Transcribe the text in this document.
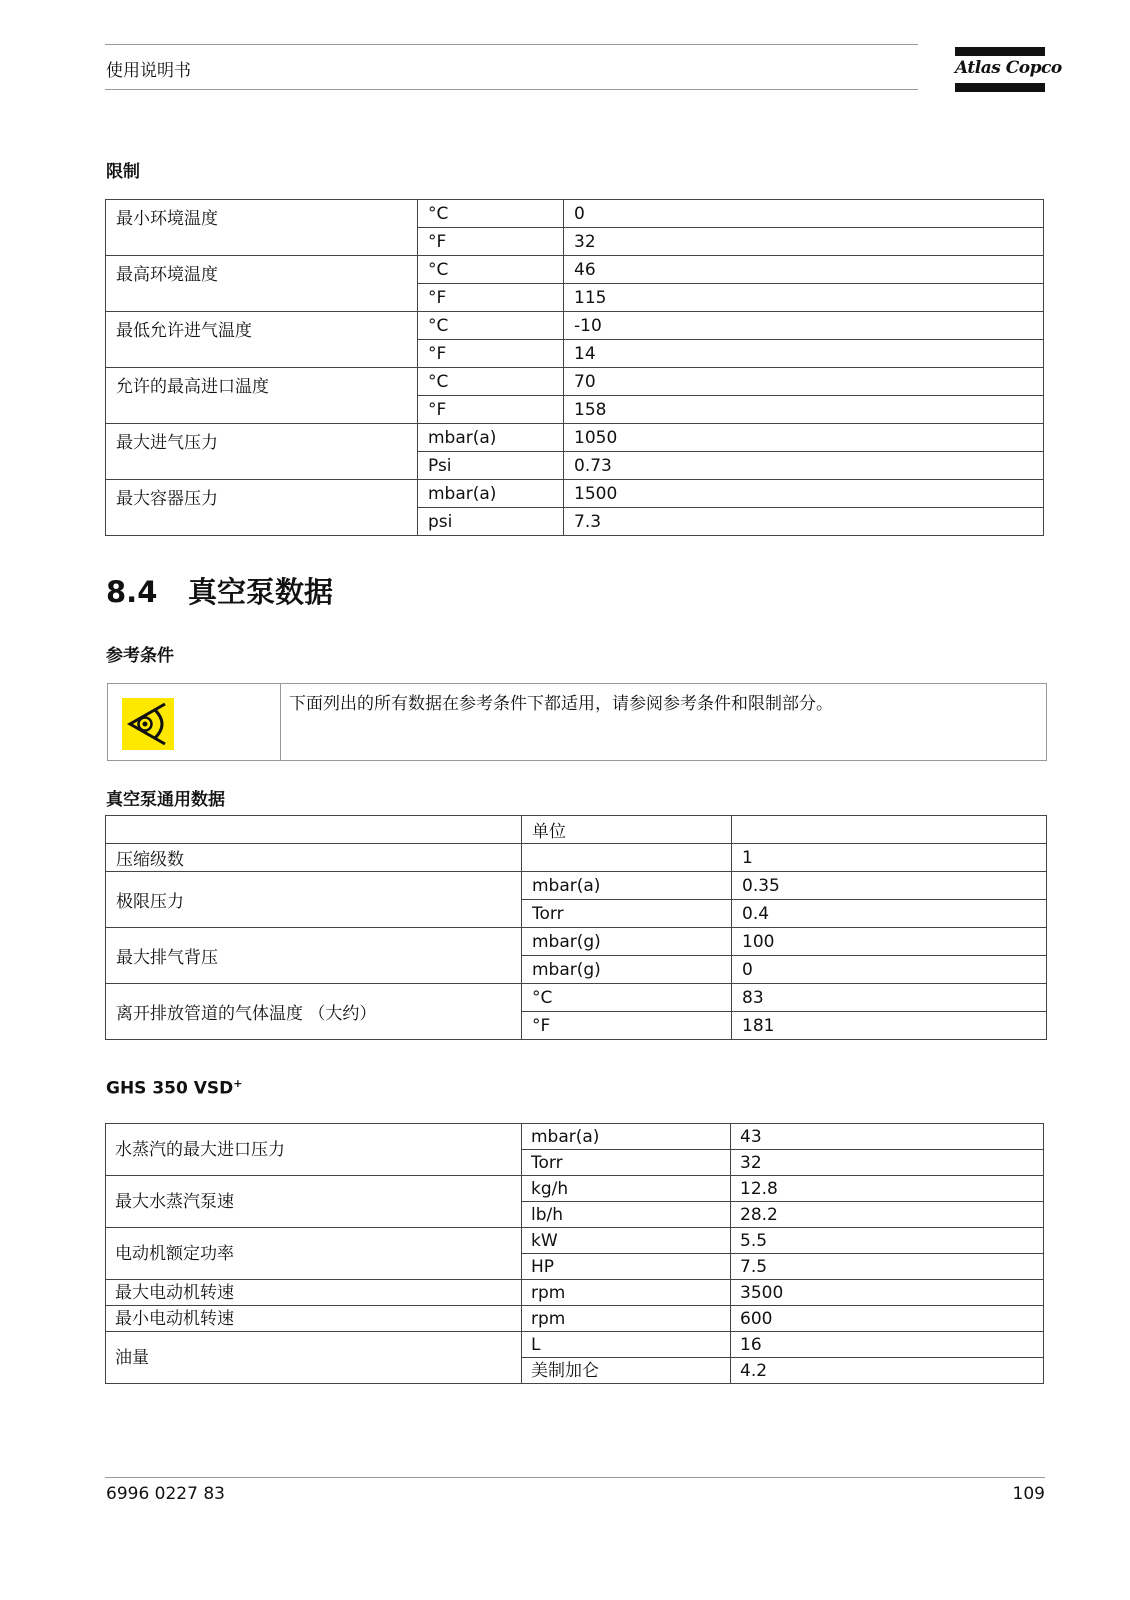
使用说明书	Atlas Copco
限制
最小环境温度	°C	0
	°F	32
最高环境温度	°C	46
	°F	115
最低允许进气温度	°C	-10
	°F	14
允许的最高进口温度	°C	70
	°F	158
最大进气压力	mbar(a)	1050
	Psi	0.73
最大容器压力	mbar(a)	1500
	psi	7.3
8.4 真空泵数据
参考条件
下面列出的所有数据在参考条件下都适用，请参阅参考条件和限制部分。
真空泵通用数据
	单位	
压缩级数		1
极限压力	mbar(a)	0.35
	Torr	0.4
最大排气背压	mbar(g)	100
	mbar(g)	0
离开排放管道的气体温度 （大约）	°C	83
	°F	181
GHS 350 VSD+
水蒸汽的最大进口压力	mbar(a)	43
	Torr	32
最大水蒸汽泵速	kg/h	12.8
	lb/h	28.2
电动机额定功率	kW	5.5
	HP	7.5
最大电动机转速	rpm	3500
最小电动机转速	rpm	600
油量	L	16
	美制加仑	4.2
6996 0227 83	109
